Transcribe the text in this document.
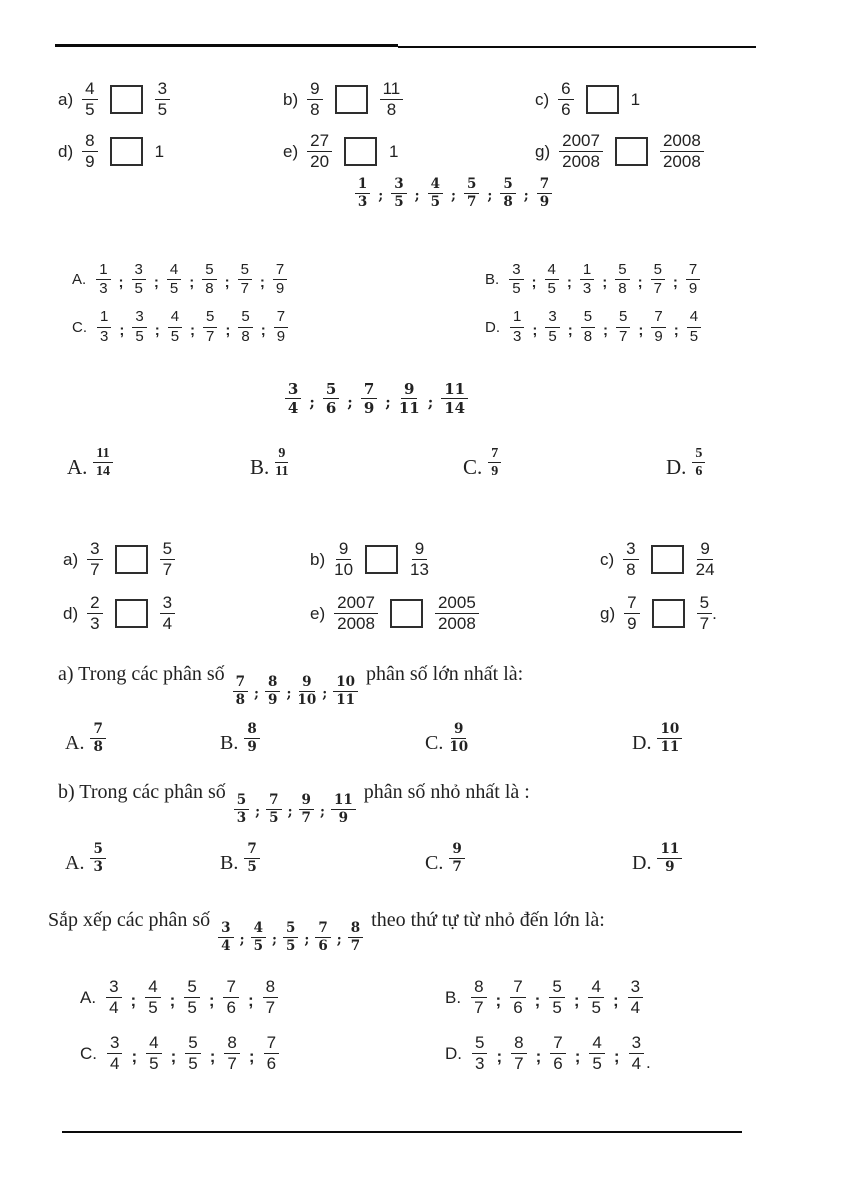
$a) \frac{4}{5}$	$\frac{3}{5}$	$b) \frac{9}{8}$	$\frac{11}{8}$	$c) \frac{6}{6}$	1
$d) \frac{8}{9}$	1	$e) \frac{27}{20}$	1	$g) \frac{2007}{2008}$	$\frac{2008}{2008}$
$\frac{1}{3}$ ; $\frac{3}{5}$ ; $\frac{4}{5}$ ; $\frac{5}{7}$ ; $\frac{5}{8}$ ; $\frac{7}{9}$
A. $\frac{1}{3}$ ; $\frac{3}{5}$ ; $\frac{4}{5}$ ; $\frac{5}{8}$ ; $\frac{5}{7}$ ; $\frac{7}{9}$	B. $\frac{3}{5}$ ; $\frac{4}{5}$ ; $\frac{1}{3}$ ; $\frac{5}{8}$ ; $\frac{5}{7}$ ; $\frac{7}{9}$
C. $\frac{1}{3}$ ; $\frac{3}{5}$ ; $\frac{4}{5}$ ; $\frac{5}{7}$ ; $\frac{5}{8}$ ; $\frac{7}{9}$	D. $\frac{1}{3}$ ; $\frac{3}{5}$ ; $\frac{5}{8}$ ; $\frac{5}{7}$ ; $\frac{7}{9}$ ; $\frac{4}{5}$
$\frac{3}{4}$ ; $\frac{5}{6}$ ; $\frac{7}{9}$ ; $\frac{9}{11}$ ; $\frac{11}{14}$
A. $\frac{11}{14}$	B. $\frac{9}{11}$	C. $\frac{7}{9}$	D. $\frac{5}{6}$
$a) \frac{3}{7}$	$\frac{5}{7}$	$b) \frac{9}{10}$	$\frac{9}{13}$	$c) \frac{3}{8}$	$\frac{9}{24}$
$d) \frac{2}{3}$	$\frac{3}{4}$	$e) \frac{2007}{2008}$	$\frac{2005}{2008}$	$g) \frac{7}{9}$	$\frac{5}{7}$ .
a) Trong các phân số
$\frac{7}{8}$ ; $\frac{8}{9}$ ; $\frac{9}{10}$ ; $\frac{10}{11}$
phân số lớn nhất là:
A. $\frac{7}{8}$	B. $\frac{8}{9}$	C. $\frac{9}{10}$	D. $\frac{10}{11}$
b) Trong các phân số
$\frac{5}{3}$ ; $\frac{7}{5}$ ; $\frac{9}{7}$ ; $\frac{11}{9}$
phân số nhỏ nhất là :
A. $\frac{5}{3}$	B. $\frac{7}{5}$	C. $\frac{9}{7}$	D. $\frac{11}{9}$
Sắp xếp các phân số
$\frac{3}{4}$ ; $\frac{4}{5}$ ; $\frac{5}{5}$ ; $\frac{7}{6}$ ; $\frac{8}{7}$
theo thứ tự từ nhỏ đến lớn là:
A. $\frac{3}{4}$ ; $\frac{4}{5}$ ; $\frac{5}{5}$ ; $\frac{7}{6}$ ; $\frac{8}{7}$	B. $\frac{8}{7}$ ; $\frac{7}{6}$ ; $\frac{5}{5}$ ; $\frac{4}{5}$ ; $\frac{3}{4}$
C. $\frac{3}{4}$ ; $\frac{4}{5}$ ; $\frac{5}{5}$ ; $\frac{8}{7}$ ; $\frac{7}{6}$	D. $\frac{5}{3}$ ; $\frac{8}{7}$ ; $\frac{7}{6}$ ; $\frac{4}{5}$ ; $\frac{3}{4}$ .
